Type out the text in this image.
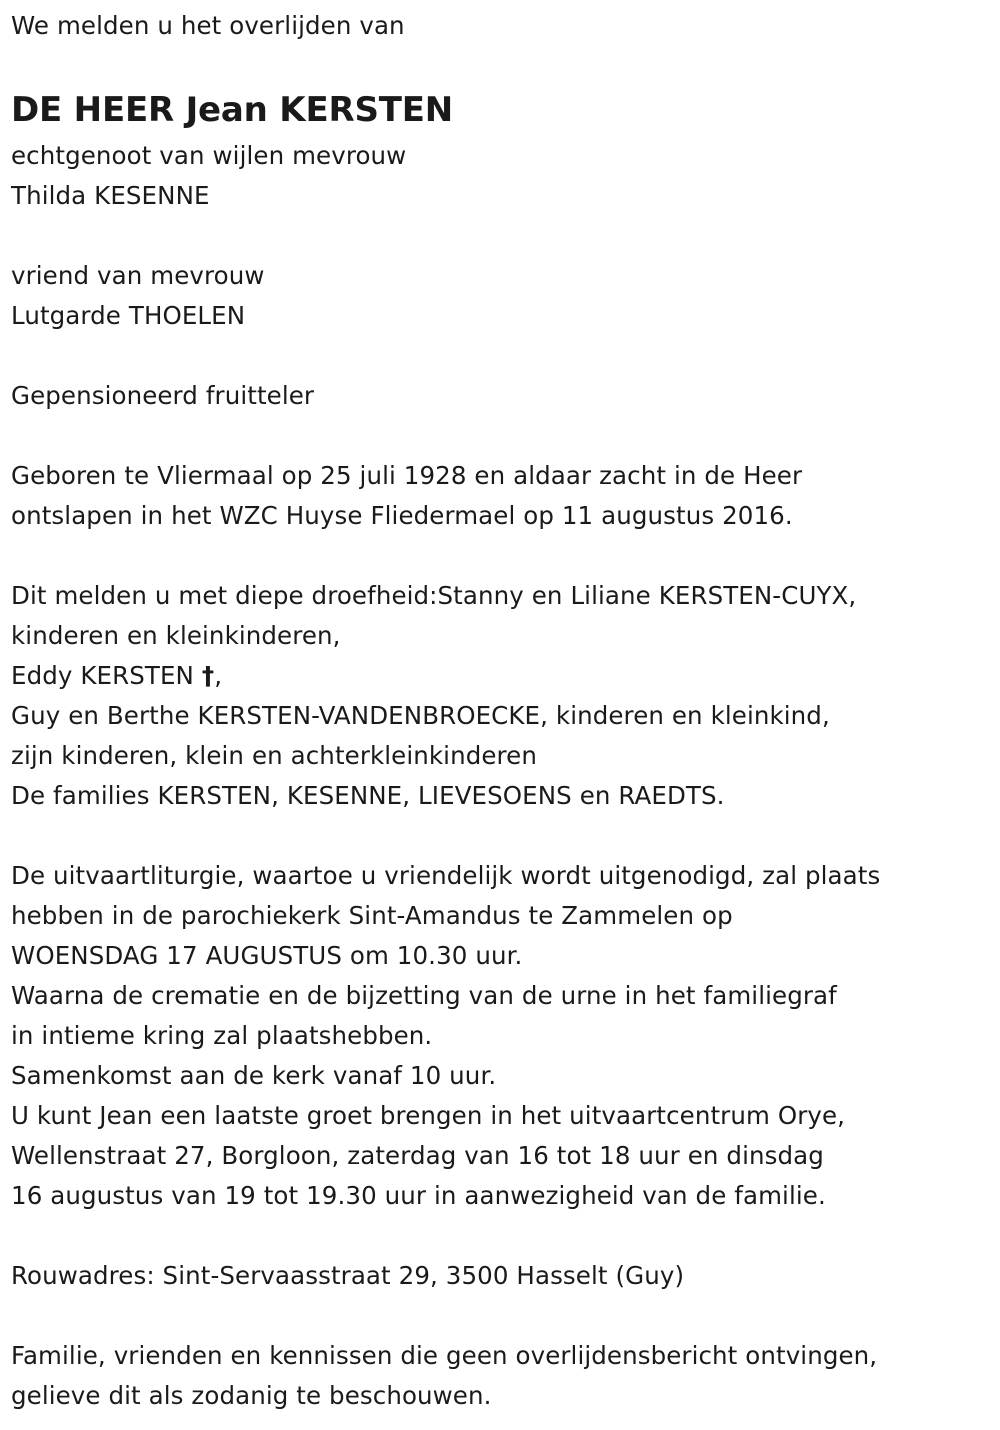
We melden u het overlijden van
DE HEER Jean KERSTEN
echtgenoot van wijlen mevrouw
Thilda KESENNE
vriend van mevrouw
Lutgarde THOELEN
Gepensioneerd fruitteler
Geboren te Vliermaal op 25 juli 1928 en aldaar zacht in de Heer
ontslapen in het WZC Huyse Fliedermael op 11 augustus 2016.
Dit melden u met diepe droefheid:Stanny en Liliane KERSTEN-CUYX,
kinderen en kleinkinderen,
Eddy KERSTEN †,
Guy en Berthe KERSTEN-VANDENBROECKE, kinderen en kleinkind,
zijn kinderen, klein en achterkleinkinderen
De families KERSTEN, KESENNE, LIEVESOENS en RAEDTS.
De uitvaartliturgie, waartoe u vriendelijk wordt uitgenodigd, zal plaats
hebben in de parochiekerk Sint-Amandus te Zammelen op
WOENSDAG 17 AUGUSTUS om 10.30 uur.
Waarna de crematie en de bijzetting van de urne in het familiegraf
in intieme kring zal plaatshebben.
Samenkomst aan de kerk vanaf 10 uur.
U kunt Jean een laatste groet brengen in het uitvaartcentrum Orye,
Wellenstraat 27, Borgloon, zaterdag van 16 tot 18 uur en dinsdag
16 augustus van 19 tot 19.30 uur in aanwezigheid van de familie.
Rouwadres: Sint-Servaasstraat 29, 3500 Hasselt (Guy)
Familie, vrienden en kennissen die geen overlijdensbericht ontvingen,
gelieve dit als zodanig te beschouwen.
